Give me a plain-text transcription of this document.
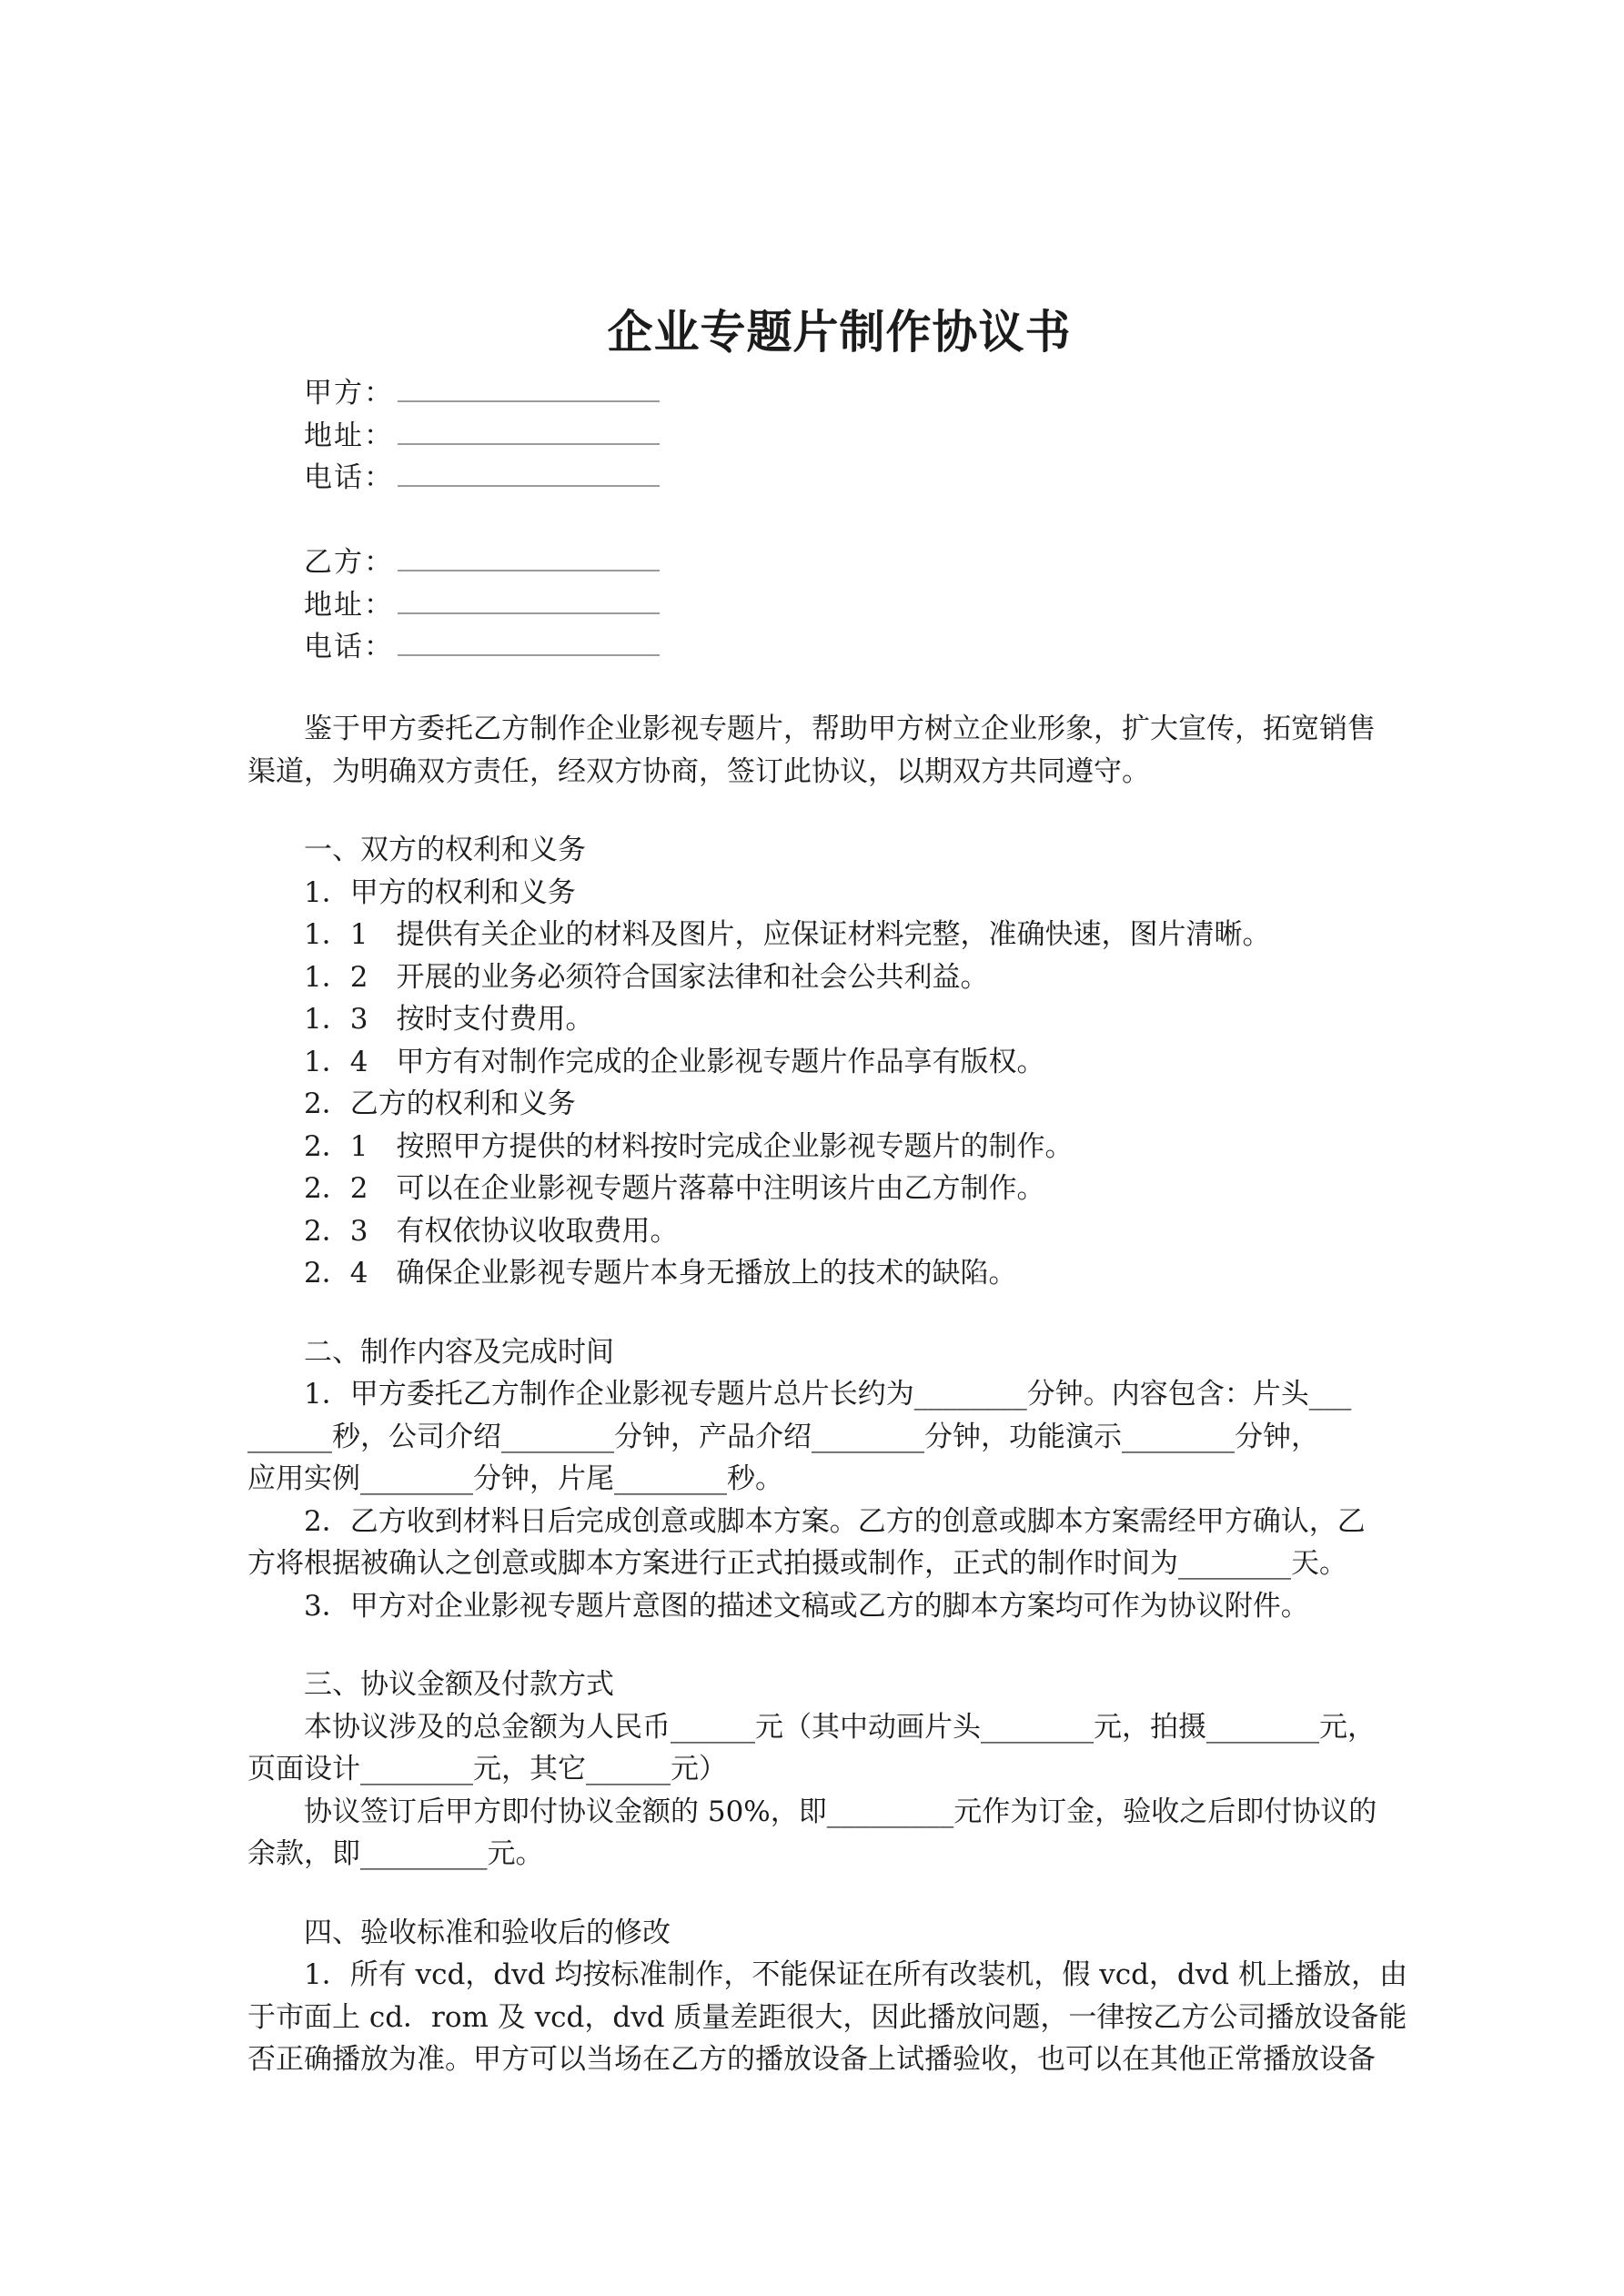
企业专题片制作协议书
甲方：
地址：
电话：
乙方：
地址：
电话：
鉴于甲方委托乙方制作企业影视专题片，帮助甲方树立企业形象，扩大宣传，拓宽销售
渠道，为明确双方责任，经双方协商，签订此协议，以期双方共同遵守。
一、双方的权利和义务
1．甲方的权利和义务
1．1　提供有关企业的材料及图片，应保证材料完整，准确快速，图片清晰。
1．2　开展的业务必须符合国家法律和社会公共利益。
1．3　按时支付费用。
1．4　甲方有对制作完成的企业影视专题片作品享有版权。
2．乙方的权利和义务
2．1　按照甲方提供的材料按时完成企业影视专题片的制作。
2．2　可以在企业影视专题片落幕中注明该片由乙方制作。
2．3　有权依协议收取费用。
2．4　确保企业影视专题片本身无播放上的技术的缺陷。
二、制作内容及完成时间
1．甲方委托乙方制作企业影视专题片总片长约为________分钟。内容包含：片头___
______秒，公司介绍________分钟，产品介绍________分钟，功能演示________分钟，
应用实例________分钟，片尾________秒。
2．乙方收到材料日后完成创意或脚本方案。乙方的创意或脚本方案需经甲方确认，乙
方将根据被确认之创意或脚本方案进行正式拍摄或制作，正式的制作时间为________天。
3．甲方对企业影视专题片意图的描述文稿或乙方的脚本方案均可作为协议附件。
三、协议金额及付款方式
本协议涉及的总金额为人民币______元（其中动画片头________元，拍摄________元，
页面设计________元，其它______元）
协议签订后甲方即付协议金额的 50%，即_________元作为订金，验收之后即付协议的
余款，即_________元。
四、验收标准和验收后的修改
1．所有 vcd，dvd 均按标准制作，不能保证在所有改装机，假 vcd，dvd 机上播放，由
于市面上 cd．rom 及 vcd，dvd 质量差距很大，因此播放问题，一律按乙方公司播放设备能
否正确播放为准。甲方可以当场在乙方的播放设备上试播验收，也可以在其他正常播放设备
